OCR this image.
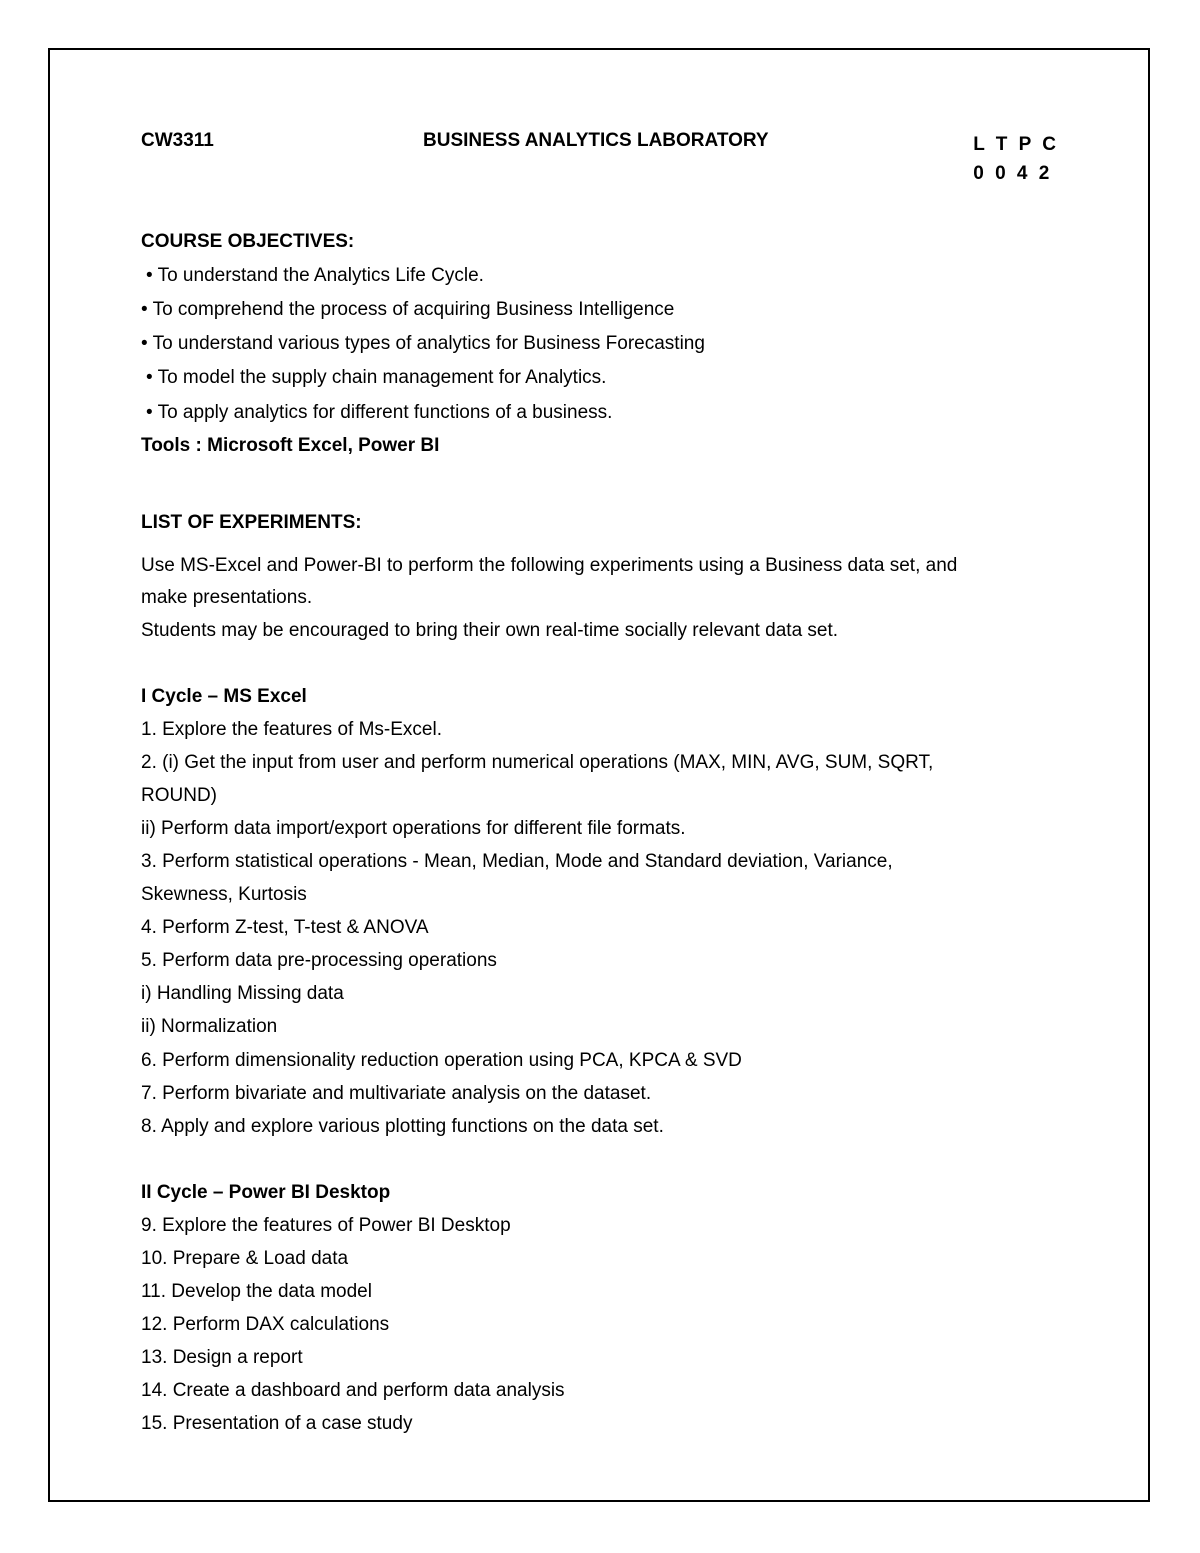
CW3311	BUSINESS ANALYTICS LABORATORY	L T P C
0 0 4 2
COURSE OBJECTIVES:
• To understand the Analytics Life Cycle.
• To comprehend the process of acquiring Business Intelligence
• To understand various types of analytics for Business Forecasting
• To model the supply chain management for Analytics.
• To apply analytics for different functions of a business.
Tools : Microsoft Excel, Power BI
LIST OF EXPERIMENTS:
Use MS-Excel and Power-BI to perform the following experiments using a Business data set, and
make presentations.
Students may be encouraged to bring their own real-time socially relevant data set.
I Cycle – MS Excel
1. Explore the features of Ms-Excel.
2. (i) Get the input from user and perform numerical operations (MAX, MIN, AVG, SUM, SQRT,
ROUND)
ii) Perform data import/export operations for different file formats.
3. Perform statistical operations - Mean, Median, Mode and Standard deviation, Variance,
Skewness, Kurtosis
4. Perform Z-test, T-test & ANOVA
5. Perform data pre-processing operations
i) Handling Missing data
ii) Normalization
6. Perform dimensionality reduction operation using PCA, KPCA & SVD
7. Perform bivariate and multivariate analysis on the dataset.
8. Apply and explore various plotting functions on the data set.
II Cycle – Power BI Desktop
9. Explore the features of Power BI Desktop
10. Prepare & Load data
11. Develop the data model
12. Perform DAX calculations
13. Design a report
14. Create a dashboard and perform data analysis
15. Presentation of a case study
